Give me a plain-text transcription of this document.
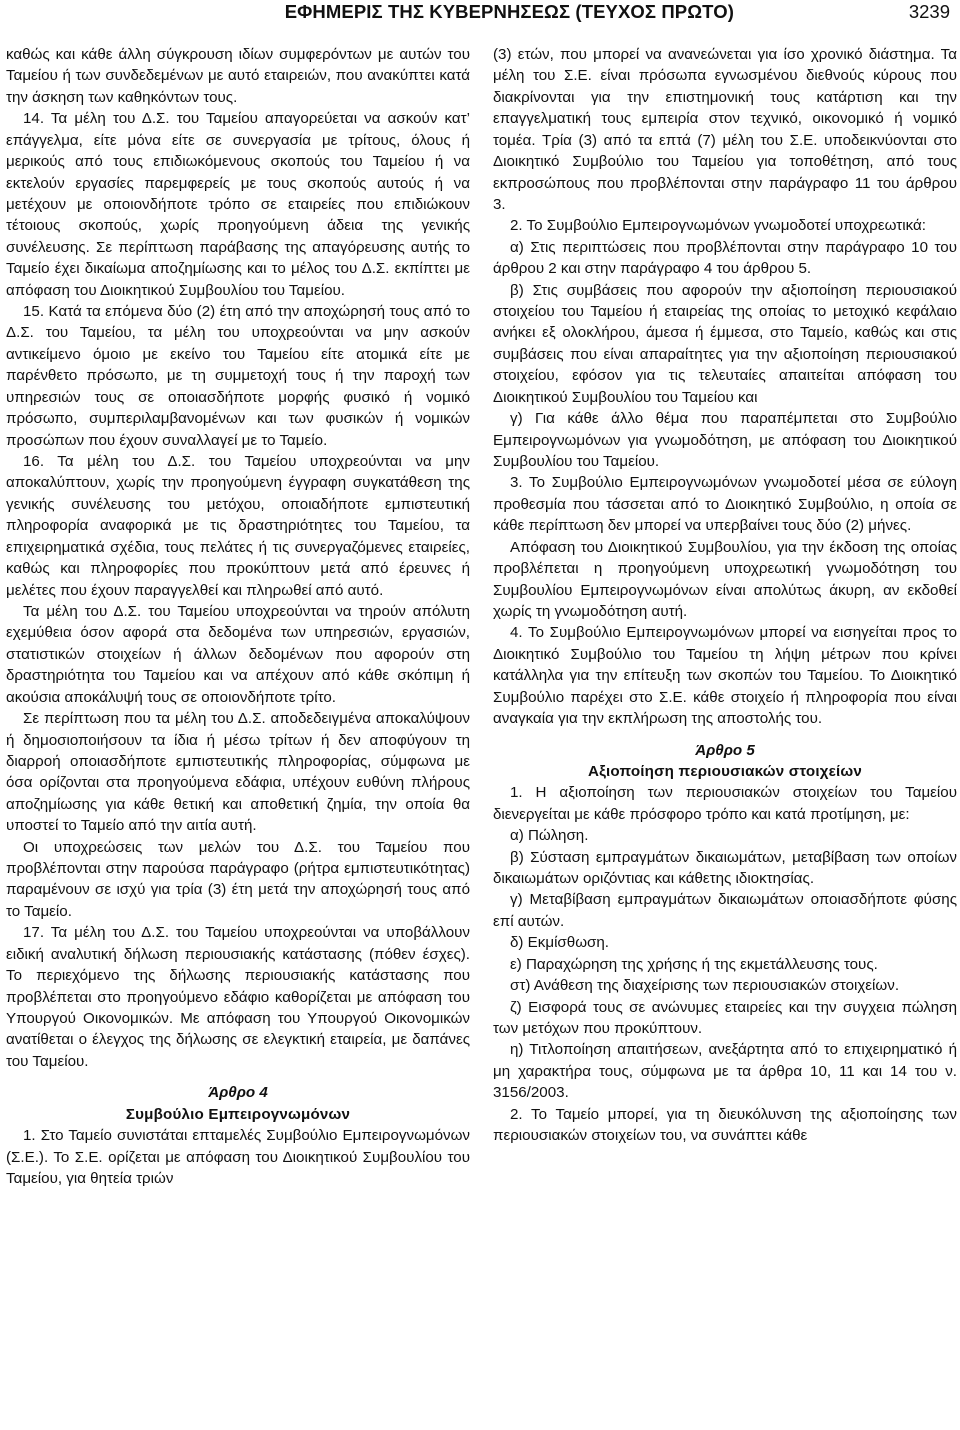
ΕΦΗΜΕΡΙΣ ΤΗΣ ΚΥΒΕΡΝΗΣΕΩΣ (ΤΕΥΧΟΣ ΠΡΩΤΟ)	3239

καθώς και κάθε άλλη σύγκρουση ιδίων συμφερόντων με αυτών του Ταμείου ή των συνδεδεμένων με αυτό εταιρειών, που ανακύπτει κατά την άσκηση των καθηκόντων τους.

14. Τα μέλη του Δ.Σ. του Ταμείου απαγορεύεται να ασκούν κατ’ επάγγελμα, είτε μόνα είτε σε συνεργασία με τρίτους, όλους ή μερικούς από τους επιδιωκόμενους σκοπούς του Ταμείου ή να εκτελούν εργασίες παρεμφερείς με τους σκοπούς αυτούς ή να μετέχουν με οποιονδήποτε τρόπο σε εταιρείες που επιδιώκουν τέτοιους σκοπούς, χωρίς προηγούμενη άδεια της γενικής συνέλευσης. Σε περίπτωση παράβασης της απαγόρευσης αυτής το Ταμείο έχει δικαίωμα αποζημίωσης και το μέλος του Δ.Σ. εκπίπτει με απόφαση του Διοικητικού Συμβουλίου του Ταμείου.

15. Κατά τα επόμενα δύο (2) έτη από την αποχώρησή τους από το Δ.Σ. του Ταμείου, τα μέλη του υποχρεούνται να μην ασκούν αντικείμενο όμοιο με εκείνο του Ταμείου είτε ατομικά είτε με παρένθετο πρόσωπο, με τη συμμετοχή τους ή την παροχή των υπηρεσιών τους σε οποιασδήποτε μορφής φυσικό ή νομικό πρόσωπο, συμπεριλαμβανομένων και των φυσικών ή νομικών προσώπων που έχουν συναλλαγεί με το Ταμείο.

16. Τα μέλη του Δ.Σ. του Ταμείου υποχρεούνται να μην αποκαλύπτουν, χωρίς την προηγούμενη έγγραφη συγκατάθεση της γενικής συνέλευσης του μετόχου, οποιαδήποτε εμπιστευτική πληροφορία αναφορικά με τις δραστηριότητες του Ταμείου, τα επιχειρηματικά σχέδια, τους πελάτες ή τις συνεργαζόμενες εταιρείες, καθώς και πληροφορίες που προκύπτουν μετά από έρευνες ή μελέτες που έχουν παραγγελθεί και πληρωθεί από αυτό.

Τα μέλη του Δ.Σ. του Ταμείου υποχρεούνται να τηρούν απόλυτη εχεμύθεια όσον αφορά στα δεδομένα των υπηρεσιών, εργασιών, στατιστικών στοιχείων ή άλλων δεδομένων που αφορούν στη δραστηριότητα του Ταμείου και να απέχουν από κάθε σκόπιμη ή ακούσια αποκάλυψή τους σε οποιονδήποτε τρίτο.

Σε περίπτωση που τα μέλη του Δ.Σ. αποδεδειγμένα αποκαλύψουν ή δημοσιοποιήσουν τα ίδια ή μέσω τρίτων ή δεν αποφύγουν τη διαρροή οποιασδήποτε εμπιστευτικής πληροφορίας, σύμφωνα με όσα ορίζονται στα προηγούμενα εδάφια, υπέχουν ευθύνη πλήρους αποζημίωσης για κάθε θετική και αποθετική ζημία, την οποία θα υποστεί το Ταμείο από την αιτία αυτή.

Οι υποχρεώσεις των μελών του Δ.Σ. του Ταμείου που προβλέπονται στην παρούσα παράγραφο (ρήτρα εμπιστευτικότητας) παραμένουν σε ισχύ για τρία (3) έτη μετά την αποχώρησή τους από το Ταμείο.

17. Τα μέλη του Δ.Σ. του Ταμείου υποχρεούνται να υποβάλλουν ειδική αναλυτική δήλωση περιουσιακής κατάστασης (πόθεν έσχες). Το περιεχόμενο της δήλωσης περιουσιακής κατάστασης που προβλέπεται στο προηγούμενο εδάφιο καθορίζεται με απόφαση του Υπουργού Οικονομικών. Με απόφαση του Υπουργού Οικονομικών ανατίθεται ο έλεγχος της δήλωσης σε ελεγκτική εταιρεία, με δαπάνες του Ταμείου.

Άρθρο 4
Συμβούλιο Εμπειρογνωμόνων

1. Στο Ταμείο συνιστάται επταμελές Συμβούλιο Εμπειρογνωμόνων (Σ.Ε.). Το Σ.Ε. ορίζεται με απόφαση του Διοικητικού Συμβουλίου του Ταμείου, για θητεία τριών

(3) ετών, που μπορεί να ανανεώνεται για ίσο χρονικό διάστημα. Τα μέλη του Σ.Ε. είναι πρόσωπα εγνωσμένου διεθνούς κύρους που διακρίνονται για την επιστημονική τους κατάρτιση και την επαγγελματική τους εμπειρία στον τεχνικό, οικονομικό ή νομικό τομέα. Τρία (3) από τα επτά (7) μέλη του Σ.Ε. υποδεικνύονται στο Διοικητικό Συμβούλιο του Ταμείου για τοποθέτηση, από τους εκπροσώπους που προβλέπονται στην παράγραφο 11 του άρθρου 3.

2. Το Συμβούλιο Εμπειρογνωμόνων γνωμοδοτεί υποχρεωτικά:

α) Στις περιπτώσεις που προβλέπονται στην παράγραφο 10 του άρθρου 2 και στην παράγραφο 4 του άρθρου 5.

β) Στις συμβάσεις που αφορούν την αξιοποίηση περιουσιακού στοιχείου του Ταμείου ή εταιρείας της οποίας το μετοχικό κεφάλαιο ανήκει εξ ολοκλήρου, άμεσα ή έμμεσα, στο Ταμείο, καθώς και στις συμβάσεις που είναι απαραίτητες για την αξιοποίηση περιουσιακού στοιχείου, εφόσον για τις τελευταίες απαιτείται απόφαση του Διοικητικού Συμβουλίου του Ταμείου και

γ) Για κάθε άλλο θέμα που παραπέμπεται στο Συμβούλιο Εμπειρογνωμόνων για γνωμοδότηση, με απόφαση του Διοικητικού Συμβουλίου του Ταμείου.

3. Το Συμβούλιο Εμπειρογνωμόνων γνωμοδοτεί μέσα σε εύλογη προθεσμία που τάσσεται από το Διοικητικό Συμβούλιο, η οποία σε κάθε περίπτωση δεν μπορεί να υπερβαίνει τους δύο (2) μήνες.

Απόφαση του Διοικητικού Συμβουλίου, για την έκδοση της οποίας προβλέπεται η προηγούμενη υποχρεωτική γνωμοδότηση του Συμβουλίου Εμπειρογνωμόνων είναι απολύτως άκυρη, αν εκδοθεί χωρίς τη γνωμοδότηση αυτή.

4. Το Συμβούλιο Εμπειρογνωμόνων μπορεί να εισηγείται προς το Διοικητικό Συμβούλιο του Ταμείου τη λήψη μέτρων που κρίνει κατάλληλα για την επίτευξη των σκοπών του Ταμείου. Το Διοικητικό Συμβούλιο παρέχει στο Σ.Ε. κάθε στοιχείο ή πληροφορία που είναι αναγκαία για την εκπλήρωση της αποστολής του.

Άρθρο 5
Αξιοποίηση περιουσιακών στοιχείων

1. Η αξιοποίηση των περιουσιακών στοιχείων του Ταμείου διενεργείται με κάθε πρόσφορο τρόπο και κατά προτίμηση, με:

α) Πώληση.

β) Σύσταση εμπραγμάτων δικαιωμάτων, μεταβίβαση των οποίων δικαιωμάτων οριζόντιας και κάθετης ιδιοκτησίας.

γ) Μεταβίβαση εμπραγμάτων δικαιωμάτων οποιασδήποτε φύσης επί αυτών.

δ) Εκμίσθωση.

ε) Παραχώρηση της χρήσης ή της εκμετάλλευσης τους.

στ) Ανάθεση της διαχείρισης των περιουσιακών στοιχείων.

ζ) Εισφορά τους σε ανώνυμες εταιρείες και την συγχεια πώληση των μετόχων που προκύπτουν.

η) Τιτλοποίηση απαιτήσεων, ανεξάρτητα από το επιχειρηματικό ή μη χαρακτήρα τους, σύμφωνα με τα άρθρα 10, 11 και 14 του ν. 3156/2003.

2. Το Ταμείο μπορεί, για τη διευκόλυνση της αξιοποίησης των περιουσιακών στοιχείων του, να συνάπτει κάθε
